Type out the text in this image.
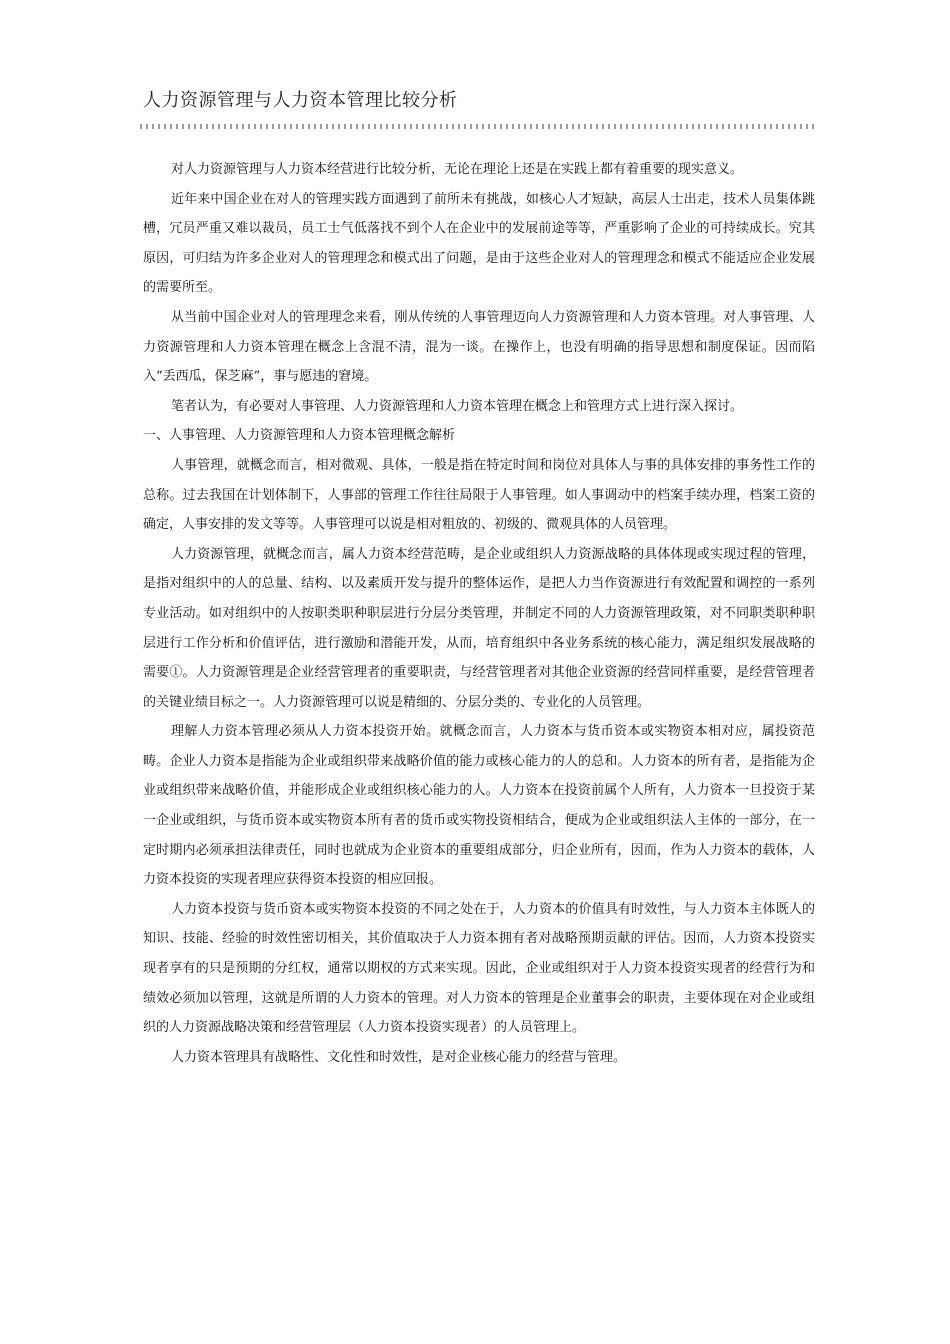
人力资源管理与人力资本管理比较分析

对人力资源管理与人力资本经营进行比较分析，无论在理论上还是在实践上都有着重要的现实意义。

近年来中国企业在对人的管理实践方面遇到了前所未有挑战，如核心人才短缺，高层人士出走，技术人员集体跳槽，冗员严重又难以裁员，员工士气低落找不到个人在企业中的发展前途等等，严重影响了企业的可持续成长。究其原因，可归结为许多企业对人的管理理念和模式出了问题，是由于这些企业对人的管理理念和模式不能适应企业发展的需要所至。

从当前中国企业对人的管理理念来看，刚从传统的人事管理迈向人力资源管理和人力资本管理。对人事管理、人力资源管理和人力资本管理在概念上含混不清，混为一谈。在操作上，也没有明确的指导思想和制度保证。因而陷入“丢西瓜，保芝麻”，事与愿违的窘境。

笔者认为，有必要对人事管理、人力资源管理和人力资本管理在概念上和管理方式上进行深入探讨。

一、人事管理、人力资源管理和人力资本管理概念解析

人事管理，就概念而言，相对微观、具体，一般是指在特定时间和岗位对具体人与事的具体安排的事务性工作的总称。过去我国在计划体制下，人事部的管理工作往往局限于人事管理。如人事调动中的档案手续办理，档案工资的确定，人事安排的发文等等。人事管理可以说是相对粗放的、初级的、微观具体的人员管理。

人力资源管理，就概念而言，属人力资本经营范畴，是企业或组织人力资源战略的具体体现或实现过程的管理，是指对组织中的人的总量、结构、以及素质开发与提升的整体运作，是把人力当作资源进行有效配置和调控的一系列专业活动。如对组织中的人按职类职种职层进行分层分类管理，并制定不同的人力资源管理政策，对不同职类职种职层进行工作分析和价值评估，进行激励和潜能开发，从而，培育组织中各业务系统的核心能力，满足组织发展战略的需要①。人力资源管理是企业经营管理者的重要职责，与经营管理者对其他企业资源的经营同样重要，是经营管理者的关键业绩目标之一。人力资源管理可以说是精细的、分层分类的、专业化的人员管理。

理解人力资本管理必须从人力资本投资开始。就概念而言，人力资本与货币资本或实物资本相对应，属投资范畴。企业人力资本是指能为企业或组织带来战略价值的能力或核心能力的人的总和。人力资本的所有者，是指能为企业或组织带来战略价值，并能形成企业或组织核心能力的人。人力资本在投资前属个人所有，人力资本一旦投资于某一企业或组织，与货币资本或实物资本所有者的货币或实物投资相结合，便成为企业或组织法人主体的一部分，在一定时期内必须承担法律责任，同时也就成为企业资本的重要组成部分，归企业所有，因而，作为人力资本的载体，人力资本投资的实现者理应获得资本投资的相应回报。

人力资本投资与货币资本或实物资本投资的不同之处在于，人力资本的价值具有时效性，与人力资本主体既人的知识、技能、经验的时效性密切相关，其价值取决于人力资本拥有者对战略预期贡献的评估。因而，人力资本投资实现者享有的只是预期的分红权，通常以期权的方式来实现。因此，企业或组织对于人力资本投资实现者的经营行为和绩效必须加以管理，这就是所谓的人力资本的管理。对人力资本的管理是企业董事会的职责，主要体现在对企业或组织的人力资源战略决策和经营管理层（人力资本投资实现者）的人员管理上。

人力资本管理具有战略性、文化性和时效性，是对企业核心能力的经营与管理。
